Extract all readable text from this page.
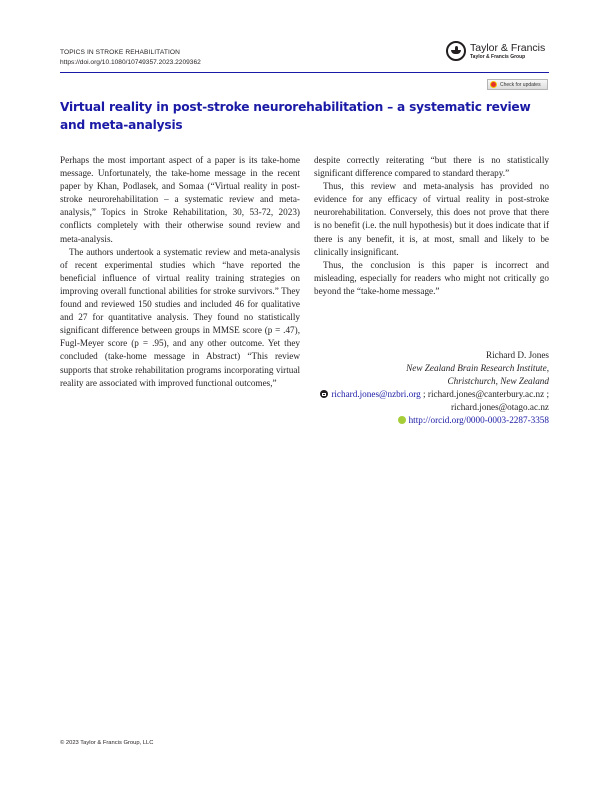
TOPICS IN STROKE REHABILITATION
https://doi.org/10.1080/10749357.2023.2209362
Taylor & Francis
Taylor & Francis Group
Check for updates
Virtual reality in post-stroke neurorehabilitation – a systematic review and meta-analysis

Perhaps the most important aspect of a paper is its take-home message. Unfortunately, the take-home message in the recent paper by Khan, Podlasek, and Somaa (“Virtual reality in post-stroke neurorehabilitation – a systematic review and meta-analysis,” Topics in Stroke Rehabilitation, 30, 53-72, 2023) conflicts completely with their otherwise sound review and meta-analysis.

The authors undertook a systematic review and meta-analysis of recent experimental studies which “have reported the beneficial influence of virtual reality training strategies on improving overall functional abilities for stroke survivors.” They found and reviewed 150 studies and included 46 for qualitative and 27 for quantitative analysis. They found no statistically significant difference between groups in MMSE score (p = .47), Fugl-Meyer score (p = .95), and any other outcome. Yet they concluded (take-home message in Abstract) “This review supports that stroke rehabilitation programs incorporating virtual reality are associated with improved functional outcomes,”

despite correctly reiterating “but there is no statistically significant difference compared to standard therapy.”

Thus, this review and meta-analysis has provided no evidence for any efficacy of virtual reality in post-stroke neurorehabilitation. Conversely, this does not prove that there is no benefit (i.e. the null hypothesis) but it does indicate that if there is any benefit, it is, at most, small and likely to be clinically insignificant.

Thus, the conclusion is this paper is incorrect and misleading, especially for readers who might not critically go beyond the “take-home message.”

Richard D. Jones
New Zealand Brain Research Institute,
Christchurch, New Zealand
richard.jones@nzbri.org ; richard.jones@canterbury.ac.nz ; richard.jones@otago.ac.nz
http://orcid.org/0000-0003-2287-3358
© 2023 Taylor & Francis Group, LLC
